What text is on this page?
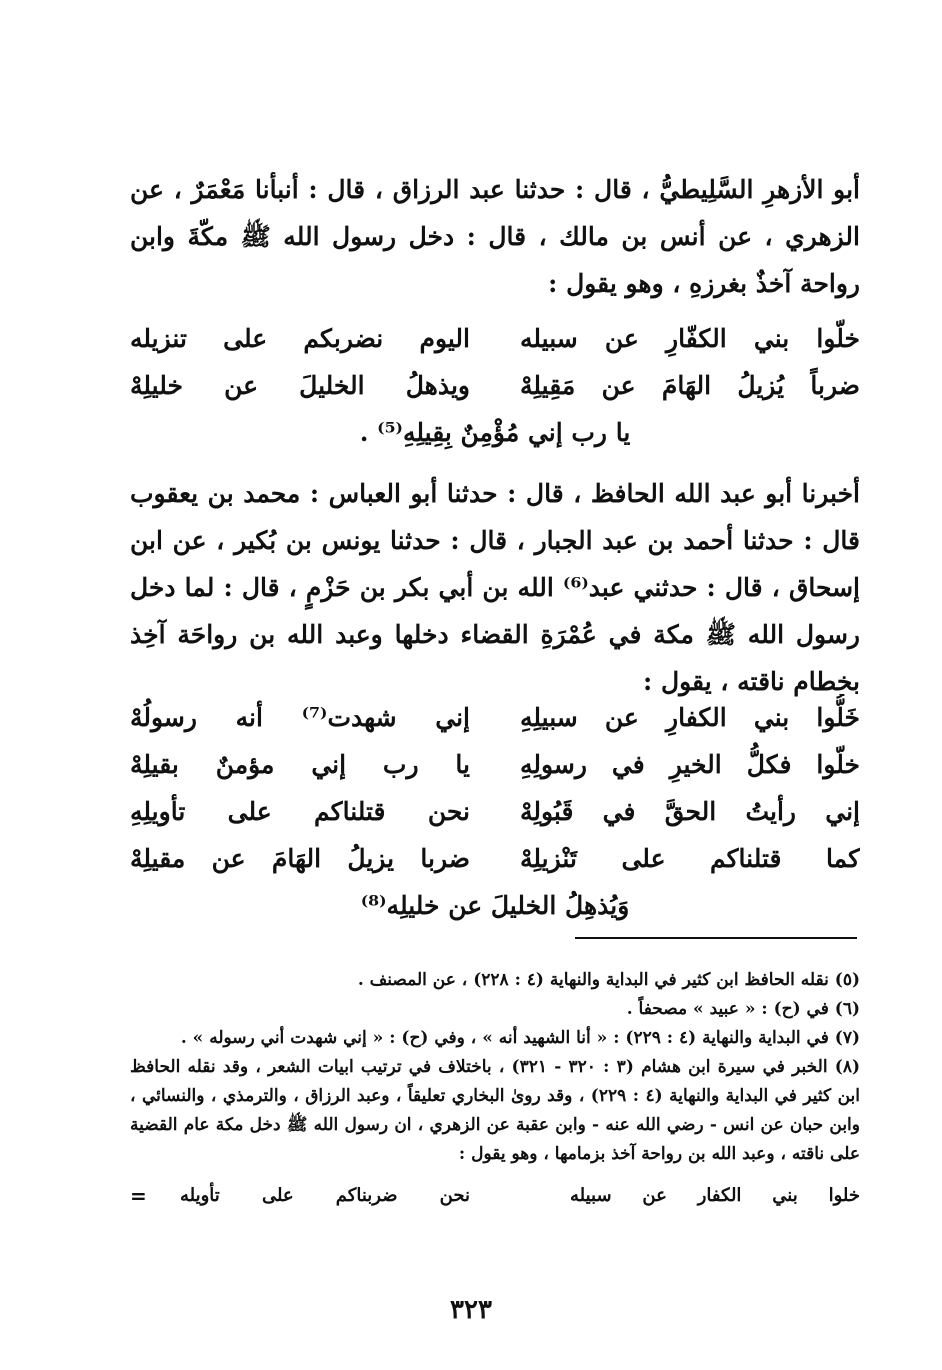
أبو الأزهرِ السَّلِيطيُّ ، قال : حدثنا عبد الرزاق ، قال : أنبأنا مَعْمَرٌ ، عن الزهري ، عن أنس بن مالك ، قال : دخل رسول الله ﷺ مكّةَ وابن رواحة آخذٌ بغرزهِ ، وهو يقول :

خلّوا بني الكفّارِ عن سبيله
اليوم نضربكم على تنزيله
ضرباً يُزيلُ الهَامَ عن مَقِيلِهْ
ويذهلُ الخليلَ عن خليلِهْ
يا رب إني مُؤْمِنٌ بِقِيلِهِ⁽⁵⁾ .

أخبرنا أبو عبد الله الحافظ ، قال : حدثنا أبو العباس : محمد بن يعقوب قال : حدثنا أحمد بن عبد الجبار ، قال : حدثنا يونس بن بُكير ، عن ابن إسحاق ، قال : حدثني عبد⁽⁶⁾ الله بن أبي بكر بن حَزْمٍ ، قال : لما دخل رسول الله ﷺ مكة في عُمْرَةِ القضاء دخلها وعبد الله بن رواحَة آخِذ بخطام ناقته ، يقول :

خَلُّوا بني الكفارِ عن سبيلِهِ
إني شهدت⁽⁷⁾ أنه رسولُهْ
خلّوا فكلُّ الخيرِ في رسولِهِ
يا رب إني مؤمنٌ بقيلِهْ
إني رأيتُ الحقَّ في قَبُولِهْ
نحن قتلناكم على تأويلِهِ
كما قتلناكم على تَنْزيلِهْ
ضربا يزيلُ الهَامَ عن مقيلِهْ
وَيُذهِلُ الخليلَ عن خليلِه⁽⁸⁾
(٥) نقله الحافظ ابن كثير في البداية والنهاية (٤ : ٢٢٨) ، عن المصنف .
(٦) في (ح) : « عبيد » مصحفاً .
(٧) في البداية والنهاية (٤ : ٢٢٩) : « أنا الشهيد أنه » ، وفي (ح) : « إني شهدت أني رسوله » .
(٨) الخبر في سيرة ابن هشام (٣ : ٣٢٠ - ٣٢١) ، باختلاف في ترتيب ابيات الشعر ، وقد نقله الحافظ ابن كثير في البداية والنهاية (٤ : ٢٢٩) ، وقد روىٰ البخاري تعليقاً ، وعبد الرزاق ، والترمذي ، والنسائي ، وابن حبان عن انس - رضي الله عنه - وابن عقبة عن الزهري ، ان رسول الله ﷺ دخل مكة عام القضية على ناقته ، وعبد الله بن رواحة آخذ بزمامها ، وهو يقول :
خلوا بني الكفار عن سبيله
نحن ضربناكم على تأويله
=
٣٢٣
